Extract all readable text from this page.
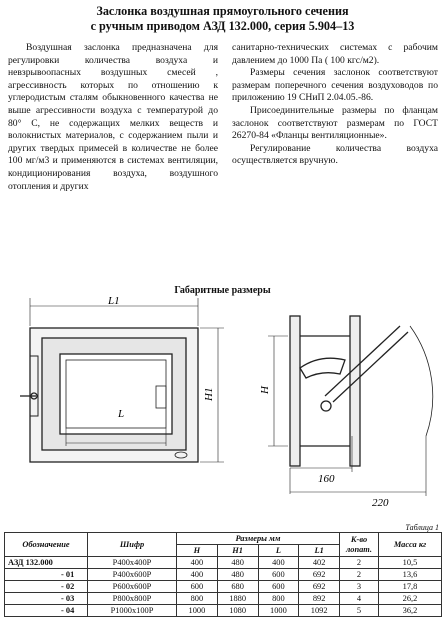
Заслонка воздушная прямоугольного сечения
с ручным приводом АЗД 132.000, серия 5.904–13

Воздушная заслонка предназначена для регулировки количества воздуха и невзрывоопасных воздушных смесей , агрессивность которых по отношению к углеродистым сталям обыкновенного качества не выше агрессивности воздуха с температурой до 80° С, не содержащих мелких веществ и волокнистых материалов, с содержанием пыли и других твердых примесей в количестве не более 100 мг/м3 и применяются в системах вентиляции, кондиционирования воздуха, воздушного отопления и других

санитарно-технических системах с рабочим давлением до 1000 Па ( 100 кгс/м2).

Размеры сечения заслонок соответствуют размерам поперечного сечения воздуховодов по приложению 19 СНиП 2.04.05.-86.

Присоединительные размеры по фланцам заслонок соответствуют размерам по ГОСТ 26270-84 «Фланцы вентиляционные».

Регулирование количества воздуха осуществляется вручную.

Габаритные размеры
L1
L
H1	H
160
220
Таблица 1
Обозначение	Шифр	Размеры мм				К-во лопат.	Масса кг
		H	H1	L	L1		
АЗД 132.000	Р400х400Р	400	480	400	402	2	10,5
- 01	Р400х600Р	400	480	600	692	2	13,6
- 02	Р600х600Р	600	680	600	692	3	17,8
- 03	Р800х800Р	800	1880	800	892	4	26,2
- 04	Р1000х100Р	1000	1080	1000	1092	5	36,2
